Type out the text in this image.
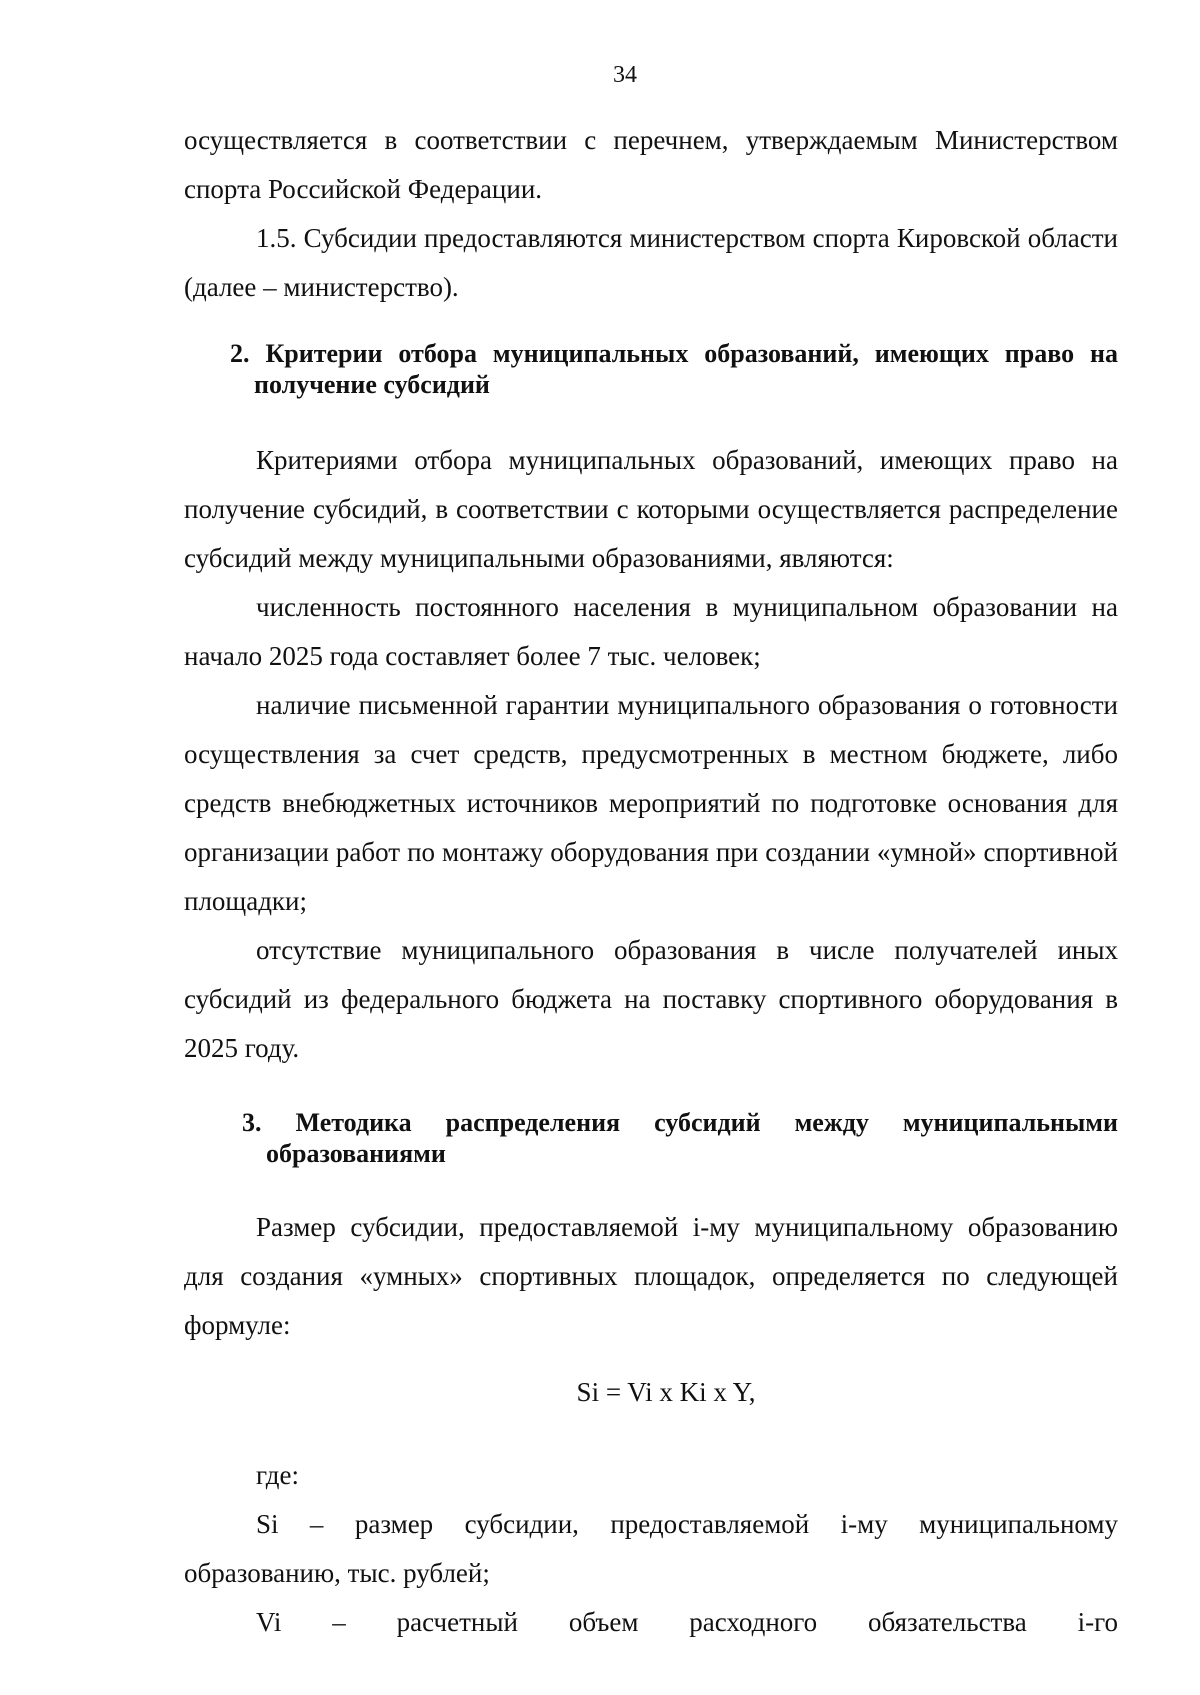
34

осуществляется в соответствии с перечнем, утверждаемым Министерством спорта Российской Федерации.

1.5. Субсидии предоставляются министерством спорта Кировской области (далее – министерство).

2. Критерии отбора муниципальных образований, имеющих право на получение субсидий

Критериями отбора муниципальных образований, имеющих право на получение субсидий, в соответствии с которыми осуществляется распределение субсидий между муниципальными образованиями, являются:

численность постоянного населения в муниципальном образовании на начало 2025 года составляет более 7 тыс. человек;

наличие письменной гарантии муниципального образования о готовности осуществления за счет средств, предусмотренных в местном бюджете, либо средств внебюджетных источников мероприятий по подготовке основания для организации работ по монтажу оборудования при создании «умной» спортивной площадки;

отсутствие муниципального образования в числе получателей иных субсидий из федерального бюджета на поставку спортивного оборудования в 2025 году.

3. Методика распределения субсидий между муниципальными образованиями

Размер субсидии, предоставляемой i-му муниципальному образованию для создания «умных» спортивных площадок, определяется по следующей формуле:

Si = Vi x Ki x Y,

где:

Si – размер субсидии, предоставляемой i-му муниципальному образованию, тыс. рублей;

Vi – расчетный объем расходного обязательства i-го
